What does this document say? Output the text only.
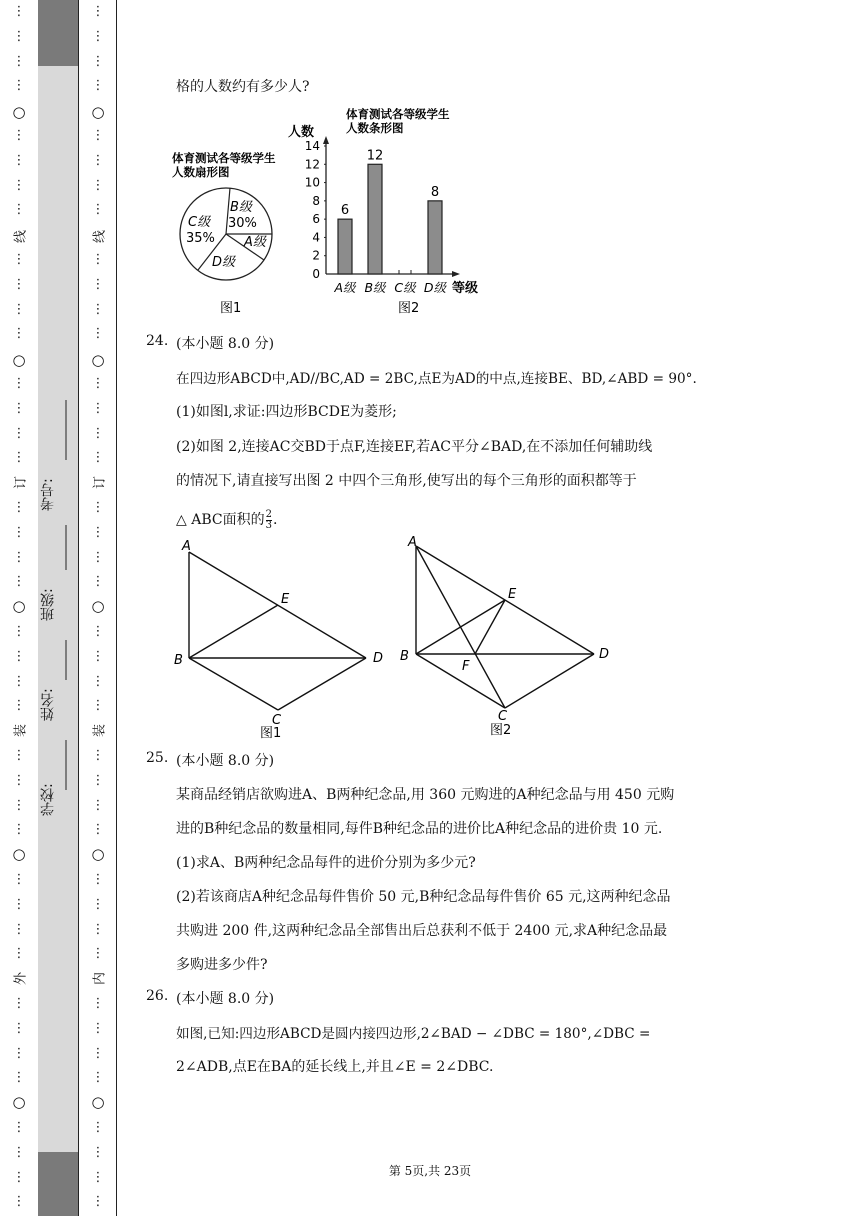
⋮
⋮
⋮
⋮
⋮
⋮
⋮
⋮
⋮
⋮
⋮
⋮
⋮
⋮
⋮
⋮
⋮
⋮
⋮
⋮
⋮
⋮
⋮
⋮
⋮
⋮
⋮
⋮
⋮
⋮
⋮
⋮
⋮
⋮
⋮
⋮
⋮
⋮
⋮
⋮
○
○
○
○
○
线
订
装
外
学校:
姓名:
班级:
考号:
⋮
⋮
⋮
⋮
⋮
⋮
⋮
⋮
⋮
⋮
⋮
⋮
⋮
⋮
⋮
⋮
⋮
⋮
⋮
⋮
⋮
⋮
⋮
⋮
⋮
⋮
⋮
⋮
⋮
⋮
⋮
⋮
⋮
⋮
⋮
⋮
⋮
⋮
⋮
⋮
○
○
○
○
○
线
订
装
内
格的人数约有多少人?
体育测试各等级学生
人数扇形图
C级
35%
B级
30%
A级
D级
图1
体育测试各等级学生
人数条形图
人数
0
2
4
6
8
10
12
14
6
12
8
A级 B级 C级 D级 等级
图2
24. (本小题 8.0 分)
在四边形ABCD中,AD//BC,AD = 2BC,点E为AD的中点,连接BE、BD,∠ABD = 90°.
(1)如图l,求证:四边形BCDE为菱形;
(2)如图 2,连接AC交BD于点F,连接EF,若AC平分∠BAD,在不添加任何辅助线
的情况下,请直接写出图 2 中四个三角形,使写出的每个三角形的面积都等于
△ ABC面积的 $\frac{2}{3}$ .
A
B
C
D
E
图1
A
B
C
D
E
F
图2
25. (本小题 8.0 分)
某商品经销店欲购进A、B两种纪念品,用 360 元购进的A种纪念品与用 450 元购
进的B种纪念品的数量相同,每件B种纪念品的进价比A种纪念品的进价贵 10 元.
(1)求A、B两种纪念品每件的进价分别为多少元?
(2)若该商店A种纪念品每件售价 50 元,B种纪念品每件售价 65 元,这两种纪念品
共购进 200 件,这两种纪念品全部售出后总获利不低于 2400 元,求A种纪念品最
多购进多少件?
26. (本小题 8.0 分)
如图,已知:四边形ABCD是圆内接四边形,2∠BAD − ∠DBC = 180°,∠DBC =
2∠ADB,点E在BA的延长线上,并且∠E = 2∠DBC.
第 5页,共 23页
